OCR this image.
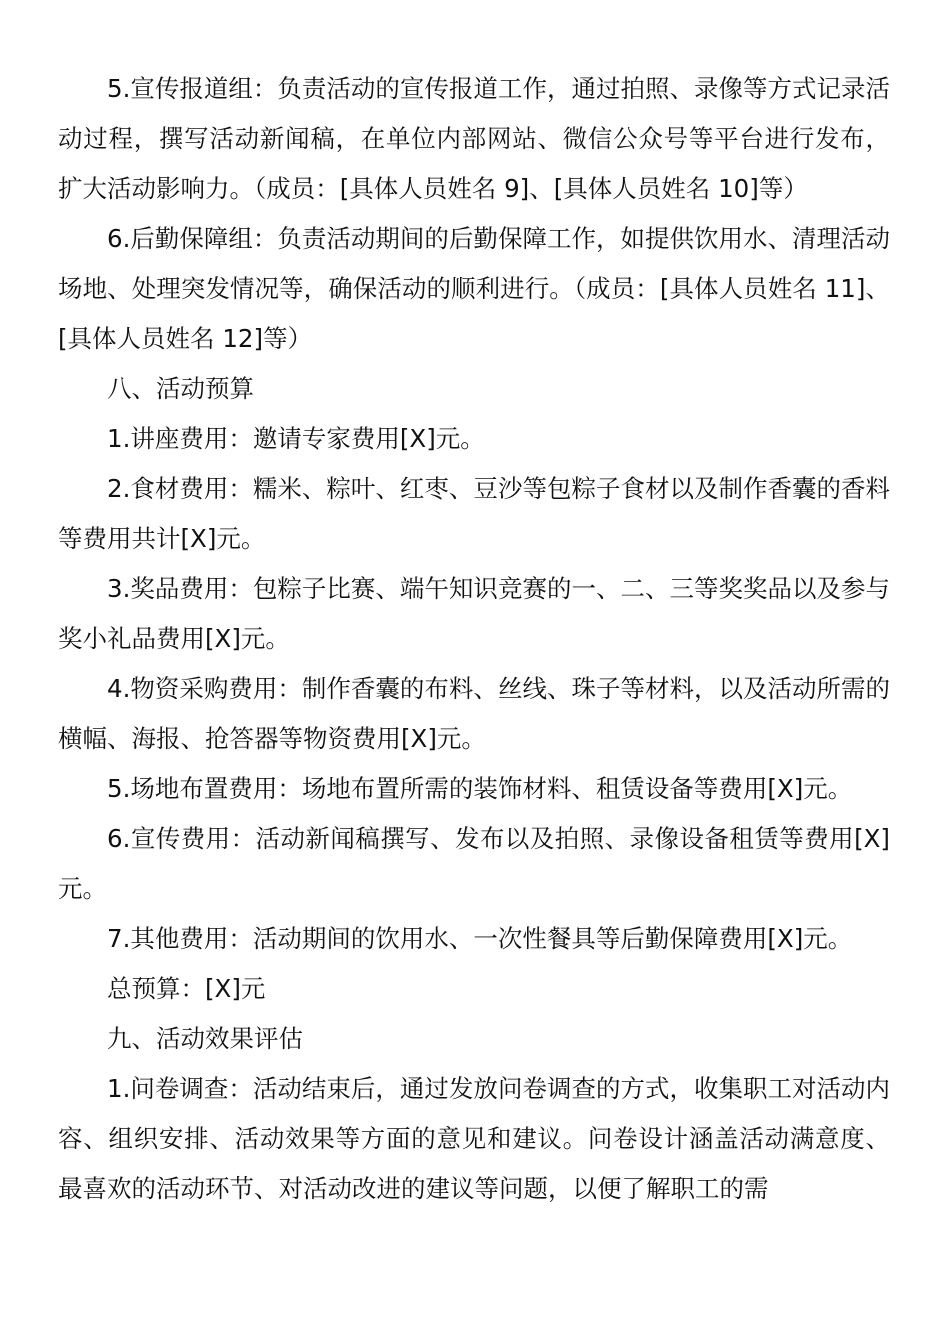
5.宣传报道组：负责活动的宣传报道工作，通过拍照、录像等方式记录活动过程，撰写活动新闻稿，在单位内部网站、微信公众号等平台进行发布，扩大活动影响力。（成员：[具体人员姓名 9]、[具体人员姓名 10]等）

6.后勤保障组：负责活动期间的后勤保障工作，如提供饮用水、清理活动场地、处理突发情况等，确保活动的顺利进行。（成员：[具体人员姓名 11]、[具体人员姓名 12]等）

八、活动预算

1.讲座费用：邀请专家费用[X]元。

2.食材费用：糯米、粽叶、红枣、豆沙等包粽子食材以及制作香囊的香料等费用共计[X]元。

3.奖品费用：包粽子比赛、端午知识竞赛的一、二、三等奖奖品以及参与奖小礼品费用[X]元。

4.物资采购费用：制作香囊的布料、丝线、珠子等材料，以及活动所需的横幅、海报、抢答器等物资费用[X]元。

5.场地布置费用：场地布置所需的装饰材料、租赁设备等费用[X]元。

6.宣传费用：活动新闻稿撰写、发布以及拍照、录像设备租赁等费用[X]元。

7.其他费用：活动期间的饮用水、一次性餐具等后勤保障费用[X]元。

总预算：[X]元

九、活动效果评估

1.问卷调查：活动结束后，通过发放问卷调查的方式，收集职工对活动内容、组织安排、活动效果等方面的意见和建议。问卷设计涵盖活动满意度、最喜欢的活动环节、对活动改进的建议等问题，以便了解职工的需
